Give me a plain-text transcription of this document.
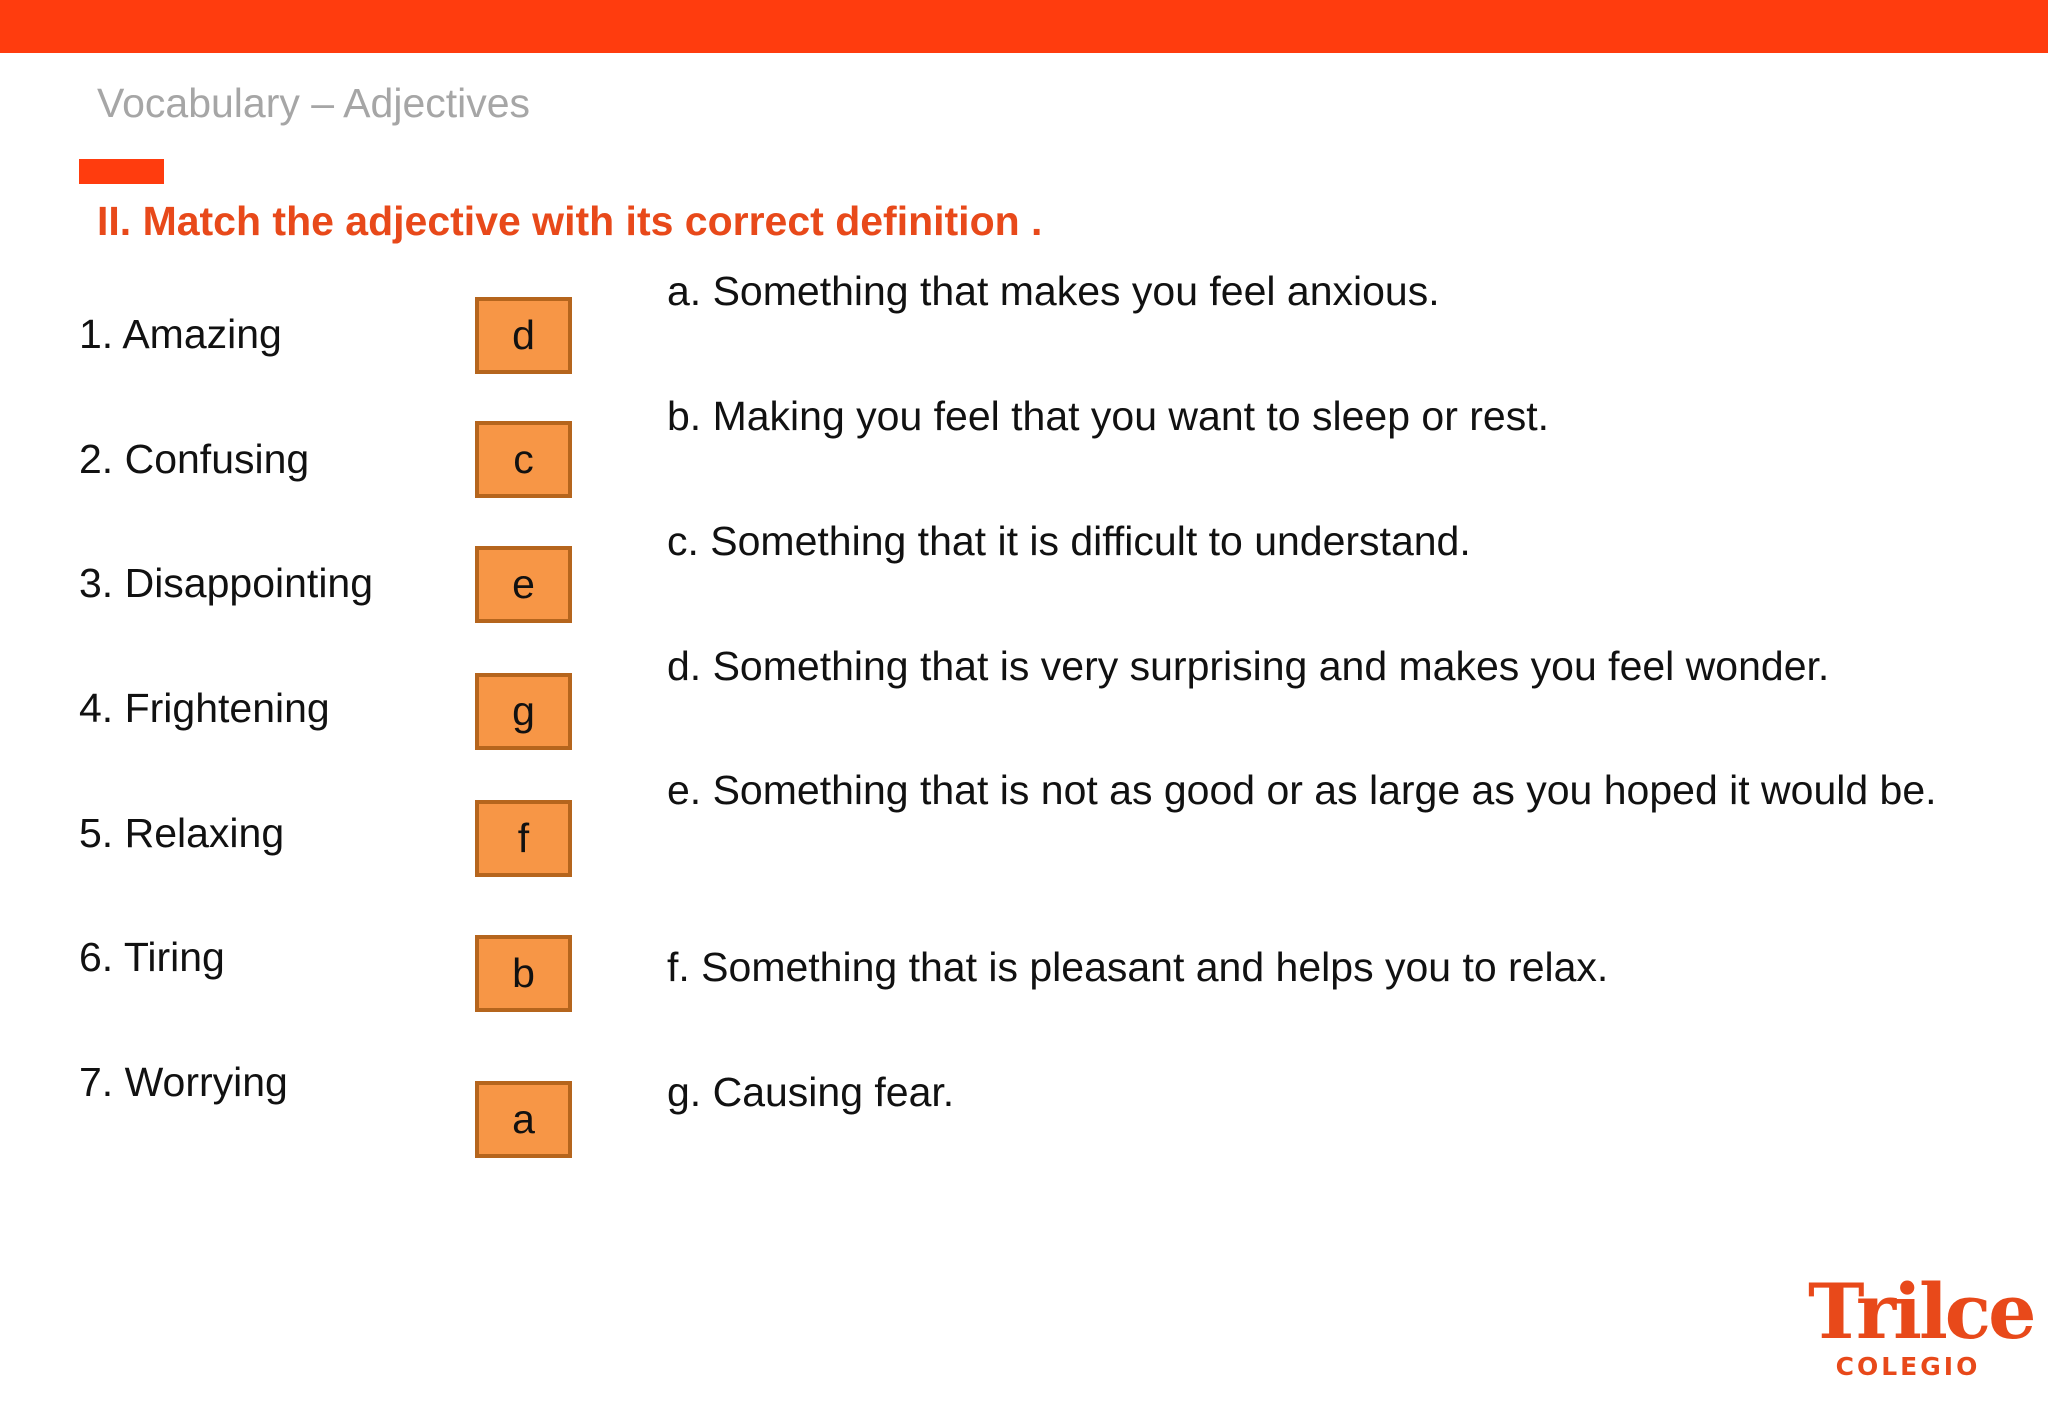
Vocabulary – Adjectives
II. Match the adjective with its correct definition .
1. Amazing
2. Confusing
3. Disappointing
4. Frightening
5. Relaxing
6. Tiring
7. Worrying
d
c
e
g
f
b
a
a. Something that makes you feel anxious.
b. Making you feel that you want to sleep or rest.
c. Something that it is difficult to understand.
d. Something that is very surprising and makes you feel wonder.
e. Something that is not as good or as large as you hoped it would be.
f. Something that is pleasant and helps you to relax.
g. Causing fear.
Trilce
COLEGIO
